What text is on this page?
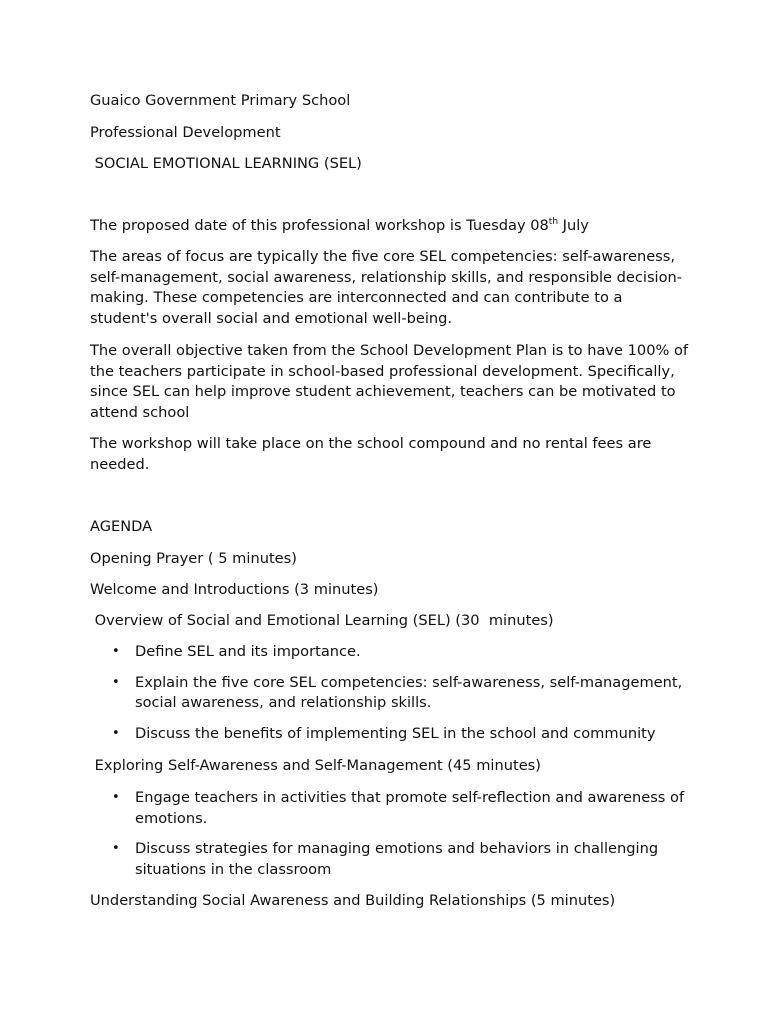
Guaico Government Primary School
Professional Development
SOCIAL EMOTIONAL LEARNING (SEL)
The proposed date of this professional workshop is Tuesday 08th July
The areas of focus are typically the five core SEL competencies: self-awareness, self-management, social awareness, relationship skills, and responsible decision-making. These competencies are interconnected and can contribute to a student's overall social and emotional well-being.
The overall objective taken from the School Development Plan is to have 100% of the teachers participate in school-based professional development. Specifically, since SEL can help improve student achievement, teachers can be motivated to attend school
The workshop will take place on the school compound and no rental fees are needed.
AGENDA
Opening Prayer ( 5 minutes)
Welcome and Introductions (3 minutes)
Overview of Social and Emotional Learning (SEL) (30  minutes)
• Define SEL and its importance.
• Explain the five core SEL competencies: self-awareness, self-management, social awareness, and relationship skills.
• Discuss the benefits of implementing SEL in the school and community
Exploring Self-Awareness and Self-Management (45 minutes)
• Engage teachers in activities that promote self-reflection and awareness of emotions.
• Discuss strategies for managing emotions and behaviors in challenging situations in the classroom
Understanding Social Awareness and Building Relationships (5 minutes)
